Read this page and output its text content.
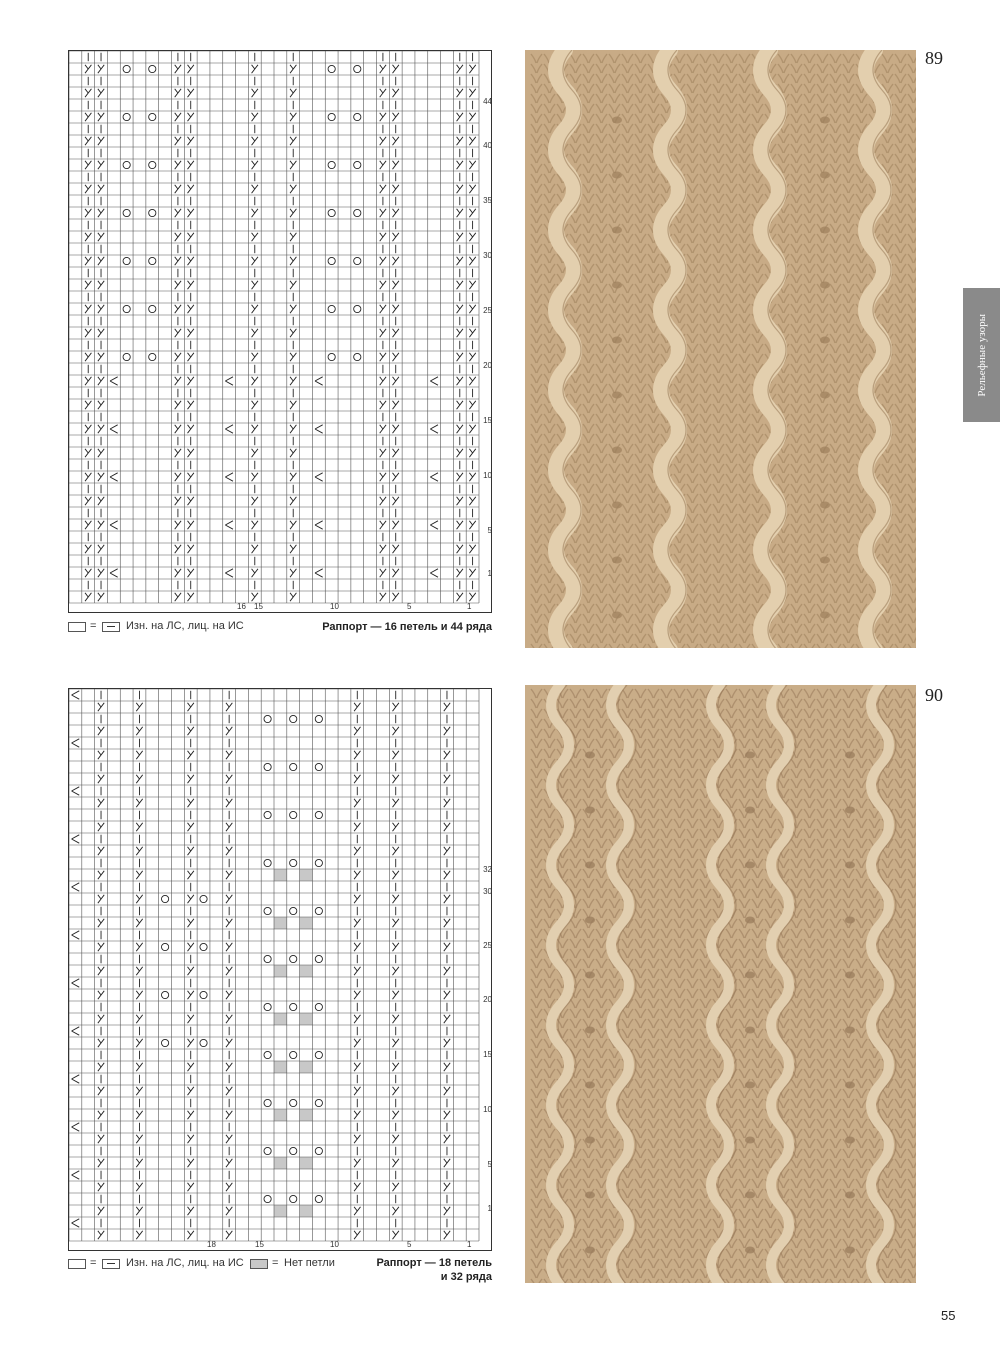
44
40
35
30
25
20
15
10
5
1
16 15	10	5	1
=	Изн. на ЛС, лиц. на ИС	Раппорт — 16 петель и 44 ряда
89
Рельефные узоры
32
30
25
20
15
10
5
1
18	15	10	5	1
=	Изн. на ЛС, лиц. на ИС	= Нет петли	Раппорт — 18 петель
и 32 ряда
90
55
